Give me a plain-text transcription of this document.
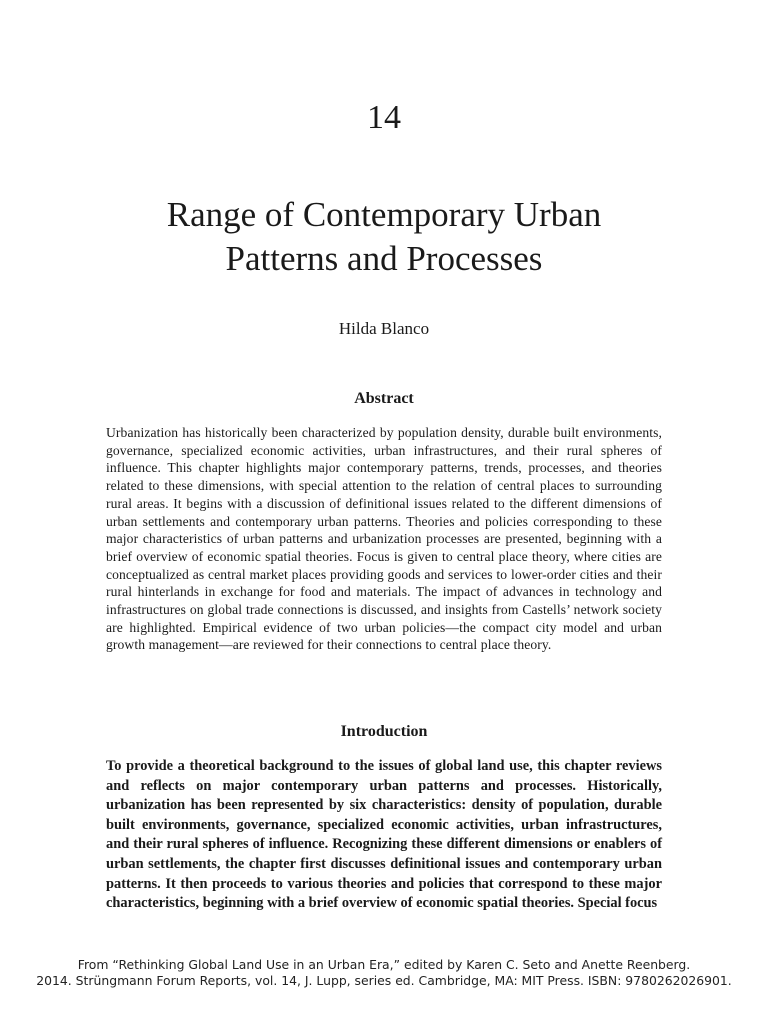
14
Range of Contemporary Urban
Patterns and Processes
Hilda Blanco
Abstract

Urbanization has historically been characterized by population density, durable built environments, governance, specialized economic activities, urban infrastructures, and their rural spheres of influence. This chapter highlights major contemporary patterns, trends, processes, and theories related to these dimensions, with special attention to the relation of central places to surrounding rural areas. It begins with a discussion of definitional issues related to the different dimensions of urban settlements and contemporary urban patterns. Theories and policies corresponding to these major characteristics of urban patterns and urbanization processes are presented, beginning with a brief overview of economic spatial theories. Focus is given to central place theory, where cities are conceptualized as central market places providing goods and services to lower-order cities and their rural hinterlands in exchange for food and materials. The impact of advances in technology and infrastructures on global trade connections is discussed, and insights from Castells’ network society are highlighted. Empirical evidence of two urban policies—the compact city model and urban growth management—are reviewed for their connections to central place theory.

Introduction

To provide a theoretical background to the issues of global land use, this chapter reviews and reflects on major contemporary urban patterns and processes. Historically, urbanization has been represented by six characteristics: density of population, durable built environments, governance, specialized economic activities, urban infrastructures, and their rural spheres of influence. Recognizing these different dimensions or enablers of urban settlements, the chapter first discusses definitional issues and contemporary urban patterns. It then proceeds to various theories and policies that correspond to these major characteristics, beginning with a brief overview of economic spatial theories. Special focus

From “Rethinking Global Land Use in an Urban Era,” edited by Karen C. Seto and Anette Reenberg.
2014. Strüngmann Forum Reports, vol. 14, J. Lupp, series ed. Cambridge, MA: MIT Press. ISBN: 9780262026901.
